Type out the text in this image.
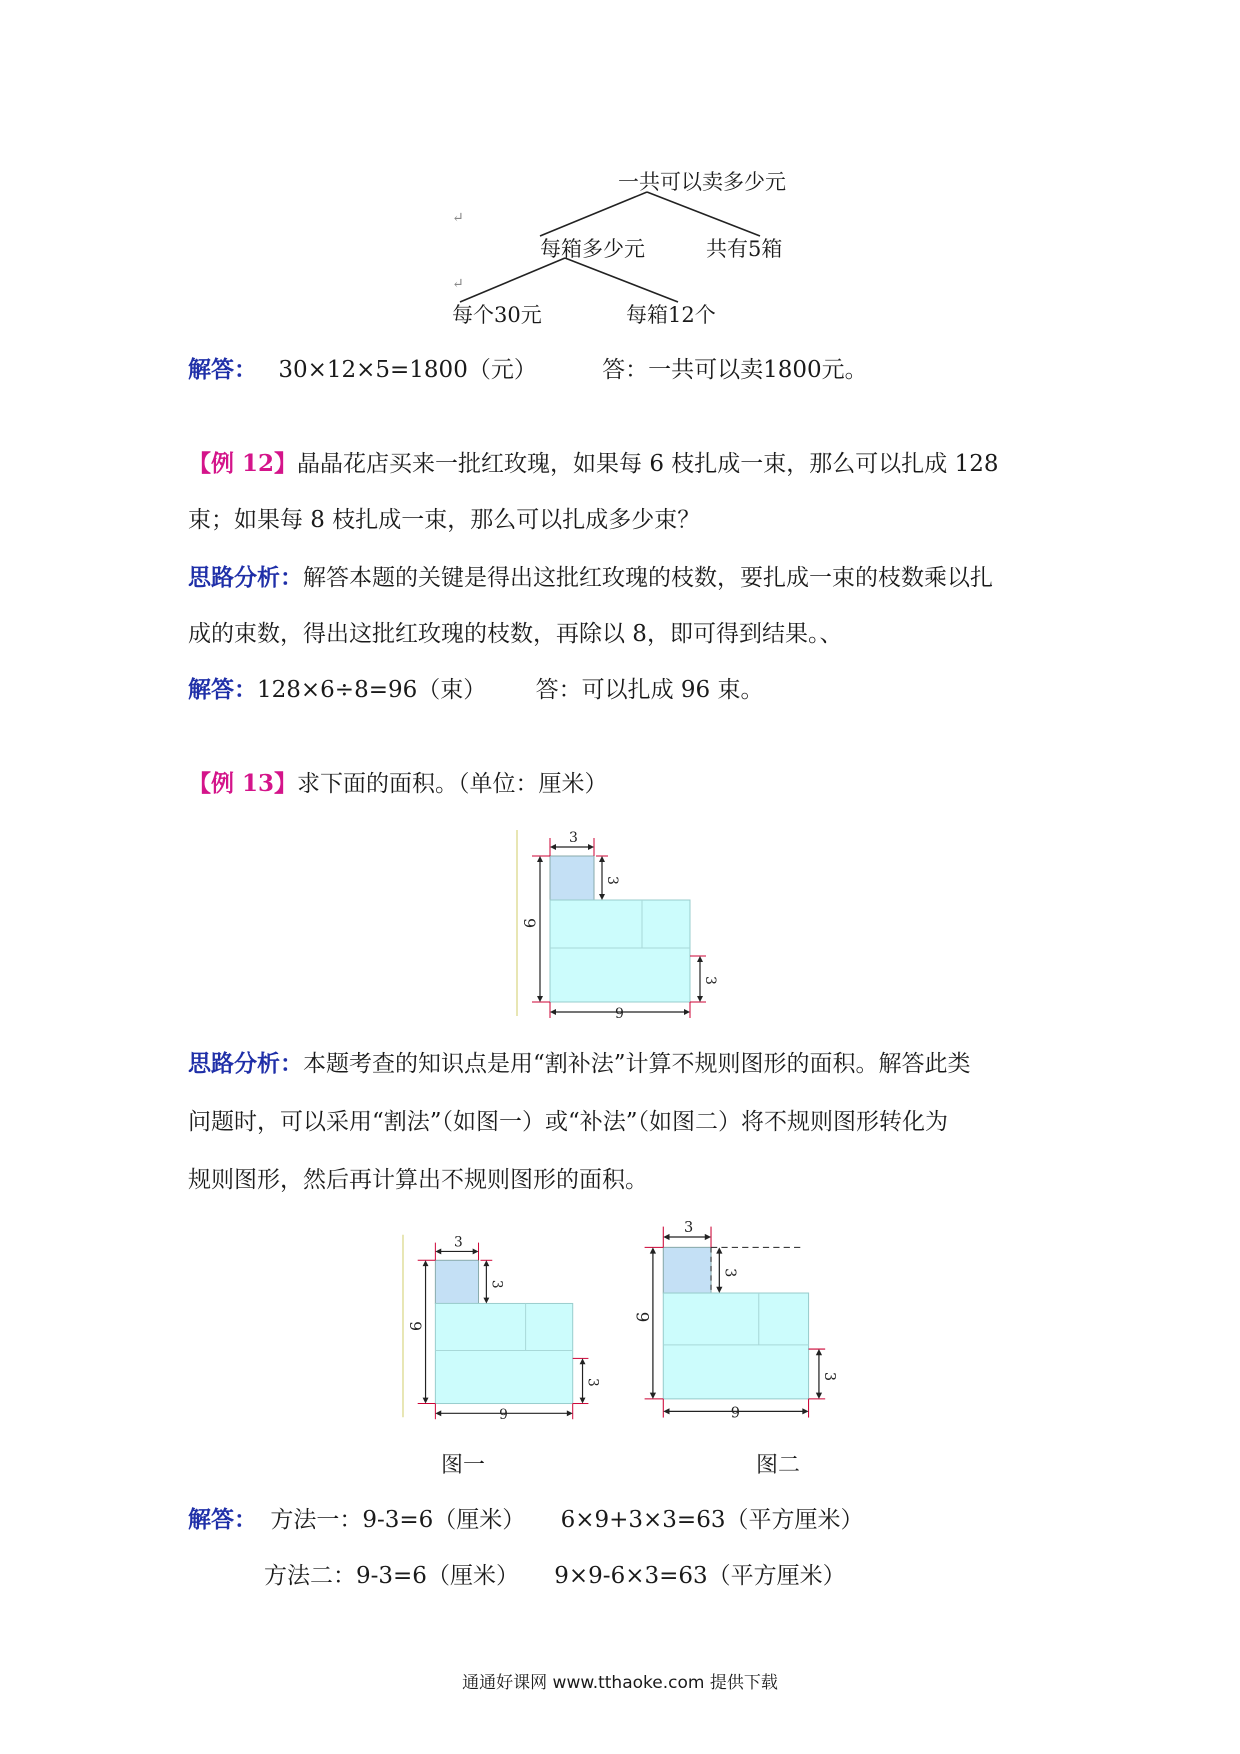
一共可以卖多少元
每箱多少元	共有5箱
每个30元	每箱12个
↵
↵
解答： 30×12×5=1800（元）	答：一共可以卖1800元。
【例 12】晶晶花店买来一批红玫瑰，如果每 6 枝扎成一束，那么可以扎成 128
束；如果每 8 枝扎成一束，那么可以扎成多少束？
思路分析：解答本题的关键是得出这批红玫瑰的枝数，要扎成一束的枝数乘以扎
成的束数，得出这批红玫瑰的枝数，再除以 8，即可得到结果。、
解答：128×6÷8=96（束） 答：可以扎成 96 束。
【例 13】求下面的面积。（单位：厘米）
3
3
9
3
9
思路分析：本题考查的知识点是用“割补法”计算不规则图形的面积。解答此类
问题时，可以采用“割法”（如图一）或“补法”（如图二）将不规则图形转化为
规则图形，然后再计算出不规则图形的面积。
3
3
9
3
9
3
3
9
3
9
图一	图二
解答： 方法一：9-3=6（厘米） 6×9+3×3=63（平方厘米）
方法二：9-3=6（厘米） 9×9-6×3=63（平方厘米）
通通好课网 www.tthaoke.com 提供下载
